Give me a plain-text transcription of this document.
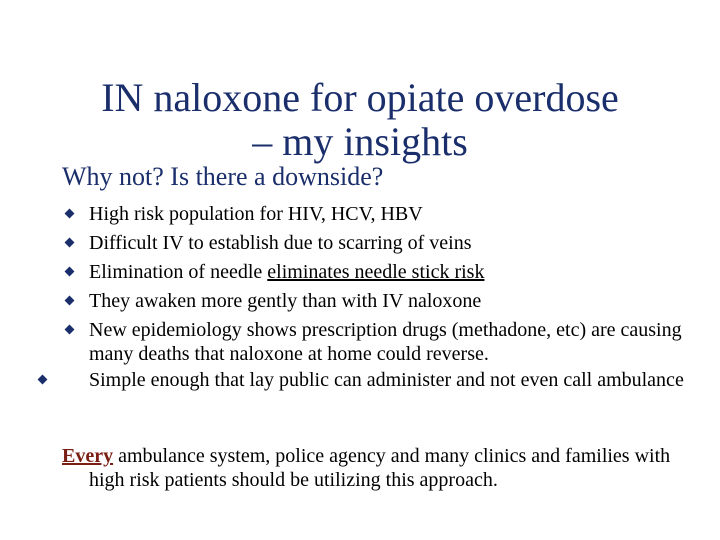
IN naloxone for opiate overdose
– my insights
Why not? Is there a downside?
High risk population for HIV, HCV, HBV
Difficult IV to establish due to scarring of veins
Elimination of needle eliminates needle stick risk
They awaken more gently than with IV naloxone
New epidemiology shows prescription drugs (methadone, etc) are causing many deaths that naloxone at home could reverse.
Simple enough that lay public can administer and not even call ambulance
Every ambulance system, police agency and many clinics and families with high risk patients should be utilizing this approach.
